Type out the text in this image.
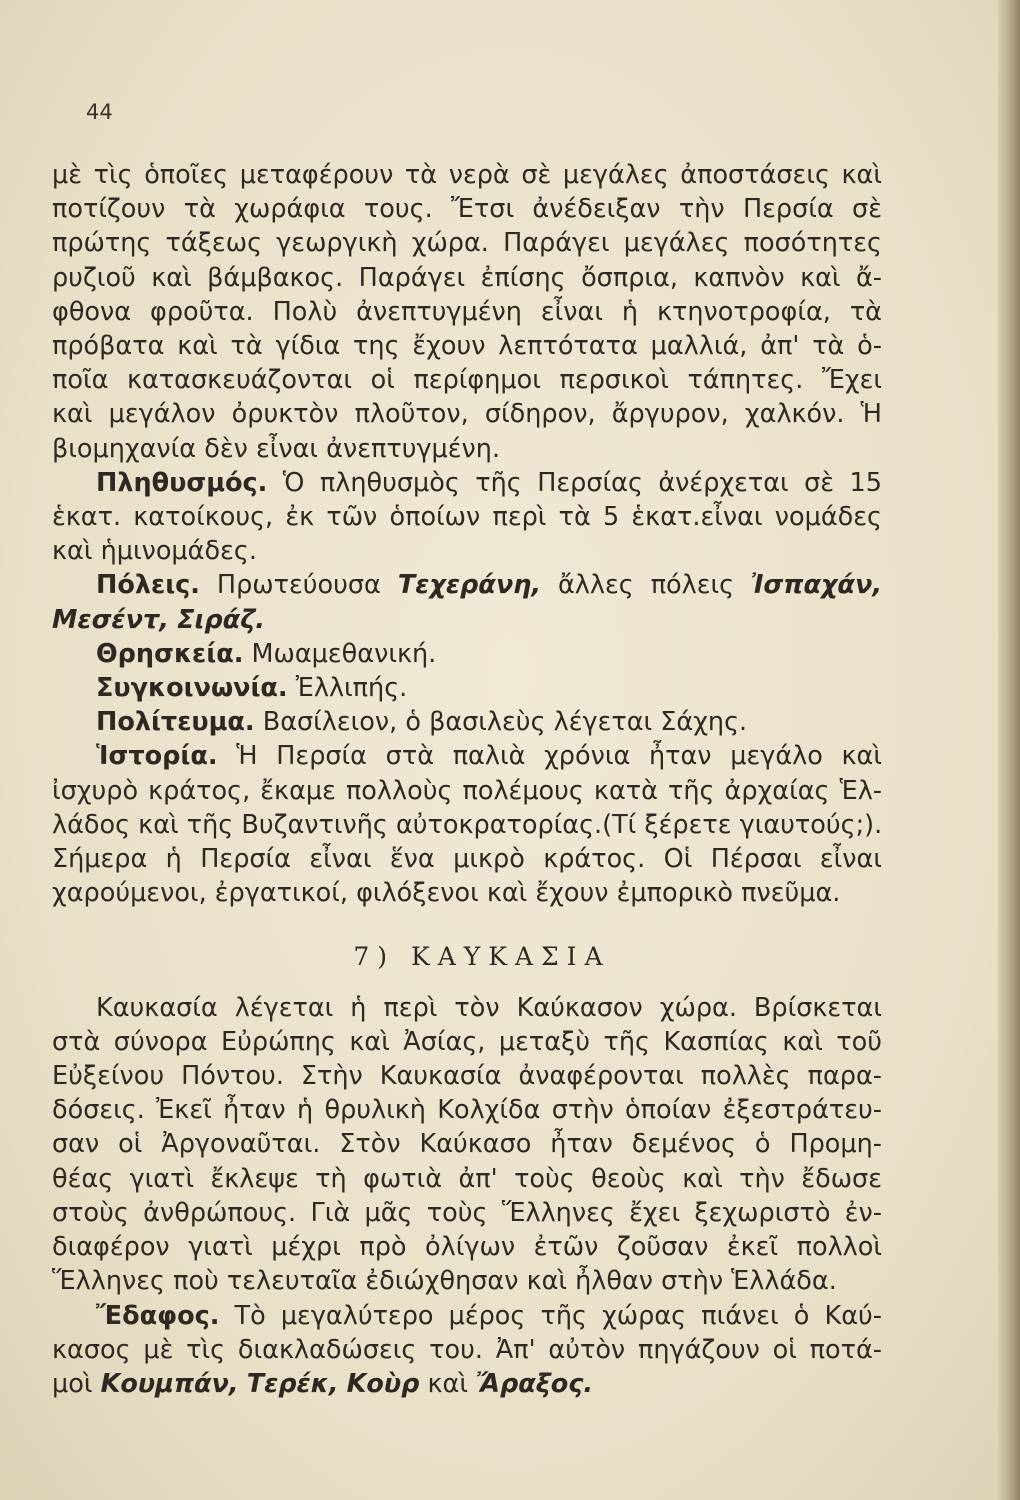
44
μὲ τὶς ὁποῖες μεταφέρουν τὰ νερὰ σὲ μεγάλες ἀποστάσεις καὶ
ποτίζουν τὰ χωράφια τους. Ἔτσι ἀνέδειξαν τὴν Περσία σὲ
πρώτης τάξεως γεωργικὴ χώρα. Παράγει μεγάλες ποσότητες
ρυζιοῦ καὶ βάμβακος. Παράγει ἐπίσης ὄσπρια, καπνὸν καὶ ἄ-
φθονα φροῦτα. Πολὺ ἀνεπτυγμένη εἶναι ἡ κτηνοτροφία, τὰ
πρόβατα καὶ τὰ γίδια της ἔχουν λεπτότατα μαλλιά, ἀπ' τὰ ὁ-
ποῖα κατασκευάζονται οἱ περίφημοι περσικοὶ τάπητες. Ἔχει
καὶ μεγάλον ὀρυκτὸν πλοῦτον, σίδηρον, ἄργυρον, χαλκόν. Ἡ
βιομηχανία δὲν εἶναι ἀνεπτυγμένη.
Πληθυσμός. Ὁ πληθυσμὸς τῆς Περσίας ἀνέρχεται σὲ 15
ἑκατ. κατοίκους, ἐκ τῶν ὁποίων περὶ τὰ 5 ἑκατ.εἶναι νομάδες
καὶ ἡμινομάδες.
Πόλεις. Πρωτεύουσα Τεχεράνη, ἄλλες πόλεις Ἰσπαχάν,
Μεσέντ, Σιράζ.
Θρησκεία. Μωαμεθανική.
Συγκοινωνία. Ἐλλιπής.
Πολίτευμα. Βασίλειον, ὁ βασιλεὺς λέγεται Σάχης.
Ἱστορία. Ἡ Περσία στὰ παλιὰ χρόνια ἦταν μεγάλο καὶ
ἰσχυρὸ κράτος, ἔκαμε πολλοὺς πολέμους κατὰ τῆς ἀρχαίας Ἑλ-
λάδος καὶ τῆς Βυζαντινῆς αὐτοκρατορίας.(Τί ξέρετε γιαυτούς;).
Σήμερα ἡ Περσία εἶναι ἕνα μικρὸ κράτος. Οἱ Πέρσαι εἶναι
χαρούμενοι, ἐργατικοί, φιλόξενοι καὶ ἔχουν ἐμπορικὸ πνεῦμα.
7) ΚΑΥΚΑΣΙΑ
Καυκασία λέγεται ἡ περὶ τὸν Καύκασον χώρα. Βρίσκεται
στὰ σύνορα Εὐρώπης καὶ Ἀσίας, μεταξὺ τῆς Κασπίας καὶ τοῦ
Εὐξείνου Πόντου. Στὴν Καυκασία ἀναφέρονται πολλὲς παρα-
δόσεις. Ἐκεῖ ἦταν ἡ θρυλικὴ Κολχίδα στὴν ὁποίαν ἐξεστράτευ-
σαν οἱ Ἀργοναῦται. Στὸν Καύκασο ἦταν δεμένος ὁ Προμη-
θέας γιατὶ ἔκλεψε τὴ φωτιὰ ἀπ' τοὺς θεοὺς καὶ τὴν ἔδωσε
στοὺς ἀνθρώπους. Γιὰ μᾶς τοὺς Ἕλληνες ἔχει ξεχωριστὸ ἐν-
διαφέρον γιατὶ μέχρι πρὸ ὀλίγων ἐτῶν ζοῦσαν ἐκεῖ πολλοὶ
Ἕλληνες ποὺ τελευταῖα ἐδιώχθησαν καὶ ἦλθαν στὴν Ἑλλάδα.
Ἔδαφος. Τὸ μεγαλύτερο μέρος τῆς χώρας πιάνει ὁ Καύ-
κασος μὲ τὶς διακλαδώσεις του. Ἀπ' αὐτὸν πηγάζουν οἱ ποτά-
μοὶ Κουμπάν, Τερέκ, Κοὺρ καὶ Ἄραξος.
